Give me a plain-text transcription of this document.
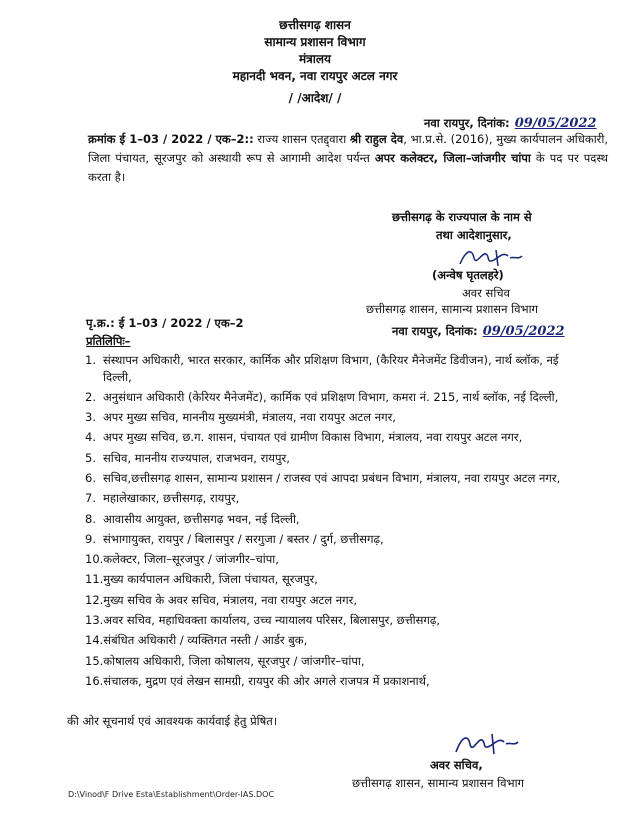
छत्तीसगढ़ शासन
सामान्य प्रशासन विभाग
मंत्रालय
महानदी भवन, नवा रायपुर अटल नगर
/ /आदेश/ /
नवा रायपुर, दिनांक: 09/05/2022
क्रमांक ई 1–03 / 2022 / एक–2:: राज्य शासन एतद्द्वारा श्री राहुल देव, भा.प्र.से. (2016), मुख्य कार्यपालन अधिकारी, जिला पंचायत, सूरजपुर को अस्थायी रूप से आगामी आदेश पर्यन्त अपर कलेक्टर, जिला–जांजगीर चांपा के पद पर पदस्थ करता है।
छत्तीसगढ़ के राज्यपाल के नाम से
तथा आदेशानुसार,
(अन्वेष घृतलहरे)
अवर सचिव
छत्तीसगढ़ शासन, सामान्य प्रशासन विभाग
नवा रायपुर, दिनांक: 09/05/2022
पृ.क्र.: ई 1–03 / 2022 / एक–2
प्रतिलिपिः–
1. संस्थापन अधिकारी, भारत सरकार, कार्मिक और प्रशिक्षण विभाग, (कैरियर मैनेजमेंट डिवीजन), नार्थ ब्लॉक, नई दिल्ली,
2. अनुसंधान अधिकारी (केरियर मैनेजमेंट), कार्मिक एवं प्रशिक्षण विभाग, कमरा नं. 215, नार्थ ब्लॉक, नई दिल्ली,
3. अपर मुख्य सचिव, माननीय मुख्यमंत्री, मंत्रालय, नवा रायपुर अटल नगर,
4. अपर मुख्य सचिव, छ.ग. शासन, पंचायत एवं ग्रामीण विकास विभाग, मंत्रालय, नवा रायपुर अटल नगर,
5. सचिव, माननीय राज्यपाल, राजभवन, रायपुर,
6. सचिव,छत्तीसगढ़ शासन, सामान्य प्रशासन / राजस्व एवं आपदा प्रबंधन विभाग, मंत्रालय, नवा रायपुर अटल नगर,
7. महालेखाकार, छत्तीसगढ़, रायपुर,
8. आवासीय आयुक्त, छत्तीसगढ़ भवन, नई दिल्ली,
9. संभागायुक्त, रायपुर / बिलासपुर / सरगुजा / बस्तर / दुर्ग, छत्तीसगढ़,
10. कलेक्टर, जिला–सूरजपुर / जांजगीर–चांपा,
11. मुख्य कार्यपालन अधिकारी, जिला पंचायत, सूरजपुर,
12. मुख्य सचिव के अवर सचिव, मंत्रालय, नवा रायपुर अटल नगर,
13. अवर सचिव, महाधिवक्ता कार्यालय, उच्च न्यायालय परिसर, बिलासपुर, छत्तीसगढ़,
14. संबंधित अधिकारी / व्यक्तिगत नस्ती / आर्डर बुक,
15. कोषालय अधिकारी, जिला कोषालय, सूरजपुर / जांजगीर–चांपा,
16. संचालक, मुद्रण एवं लेखन सामग्री, रायपुर की ओर अगले राजपत्र में प्रकाशनार्थ,
की ओर सूचनार्थ एवं आवश्यक कार्यवाई हेतु प्रेषित।
अवर सचिव,
छत्तीसगढ़ शासन, सामान्य प्रशासन विभाग
D:\Vinod\F Drive Esta\Establishment\Order-IAS.DOC
